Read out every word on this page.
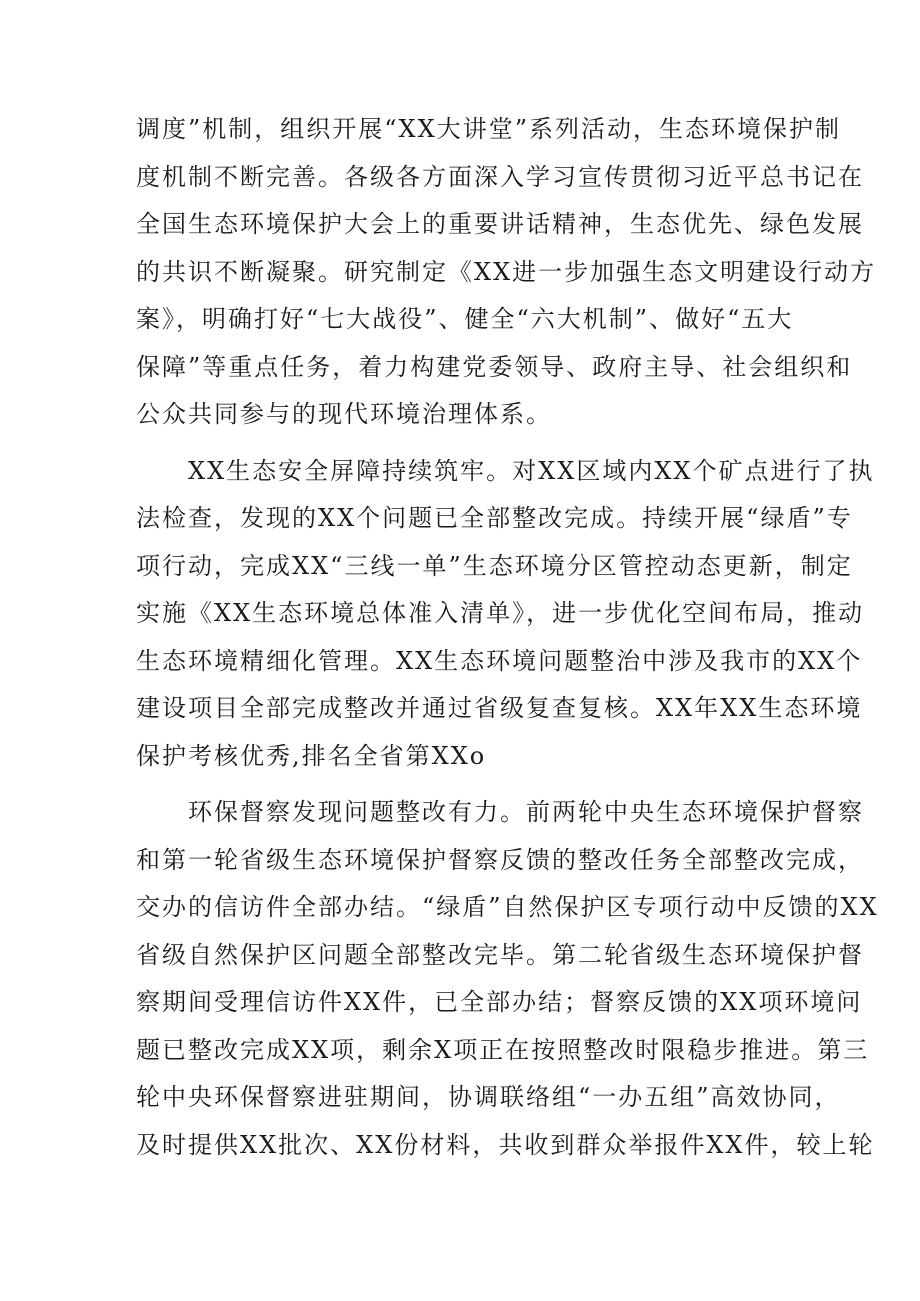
调度”机制，组织开展“XX大讲堂”系列活动，生态环境保护制
度机制不断完善。各级各方面深入学习宣传贯彻习近平总书记在
全国生态环境保护大会上的重要讲话精神，生态优先、绿色发展
的共识不断凝聚。研究制定《XX进一步加强生态文明建设行动方
案》，明确打好“七大战役”、健全“六大机制”、做好“五大
保障”等重点任务，着力构建党委领导、政府主导、社会组织和
公众共同参与的现代环境治理体系。
　　XX生态安全屏障持续筑牢。对XX区域内XX个矿点进行了执
法检查，发现的XX个问题已全部整改完成。持续开展“绿盾”专
项行动，完成XX“三线一单”生态环境分区管控动态更新，制定
实施《XX生态环境总体准入清单》，进一步优化空间布局，推动
生态环境精细化管理。XX生态环境问题整治中涉及我市的XX个
建设项目全部完成整改并通过省级复查复核。XX年XX生态环境
保护考核优秀,排名全省第XXo
　　环保督察发现问题整改有力。前两轮中央生态环境保护督察
和第一轮省级生态环境保护督察反馈的整改任务全部整改完成，
交办的信访件全部办结。“绿盾”自然保护区专项行动中反馈的XX
省级自然保护区问题全部整改完毕。第二轮省级生态环境保护督
察期间受理信访件XX件，已全部办结；督察反馈的XX项环境问
题已整改完成XX项，剩余X项正在按照整改时限稳步推进。第三
轮中央环保督察进驻期间，协调联络组“一办五组”高效协同，
及时提供XX批次、XX份材料，共收到群众举报件XX件，较上轮
